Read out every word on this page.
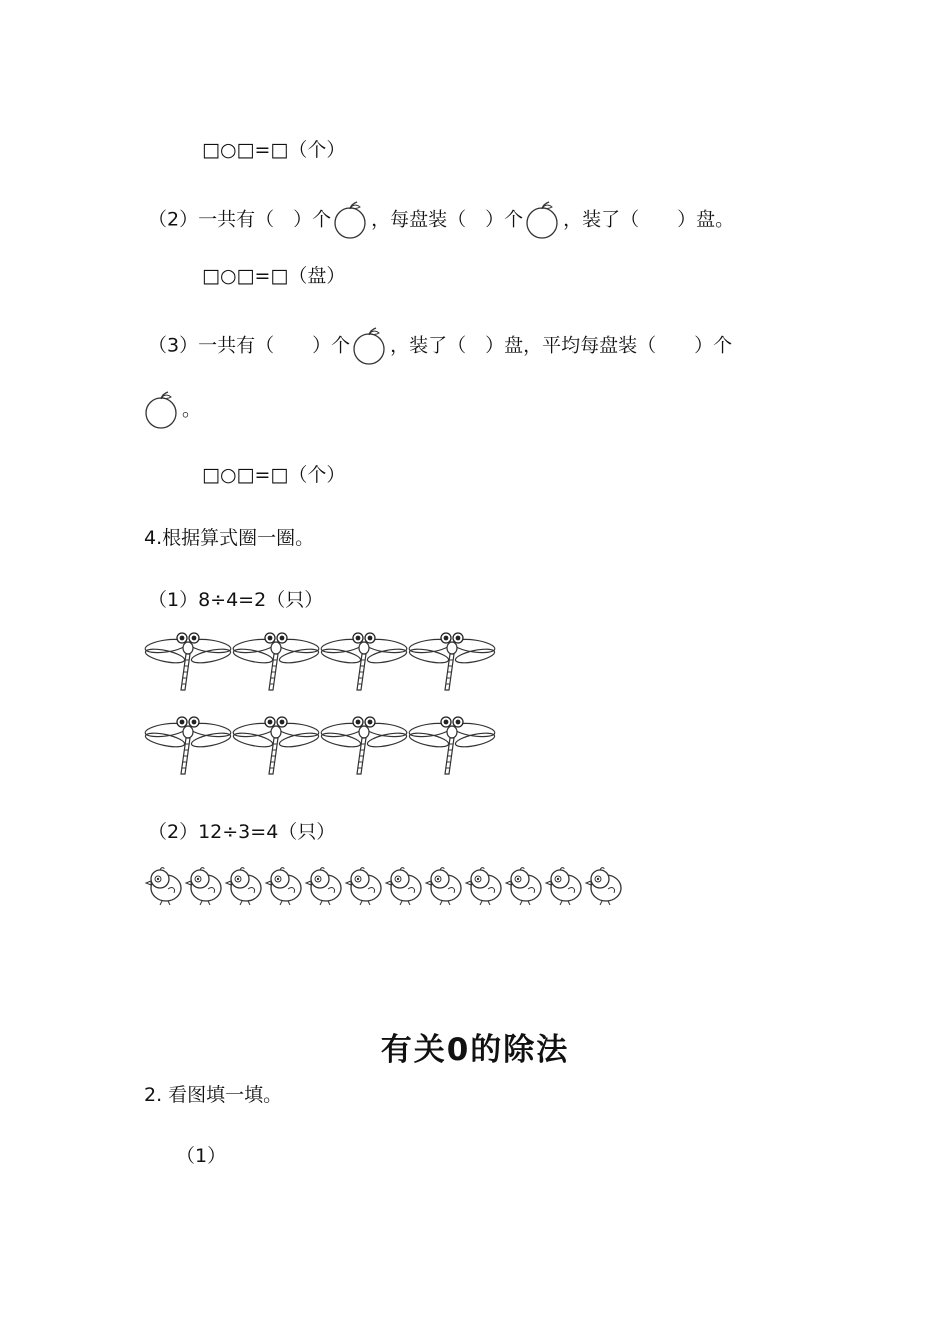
□○□=□（个）
（2）一共有（　）个 ，每盘装（　）个 ，装了（　　）盘。
□○□=□（盘）
（3）一共有（　　）个 ，装了（　）盘，平均每盘装（　　）个
。
□○□=□（个）
4.根据算式圈一圈。
（1）8÷4=2（只）
（2）12÷3=4（只）
有关0的除法
2. 看图填一填。
（1）
